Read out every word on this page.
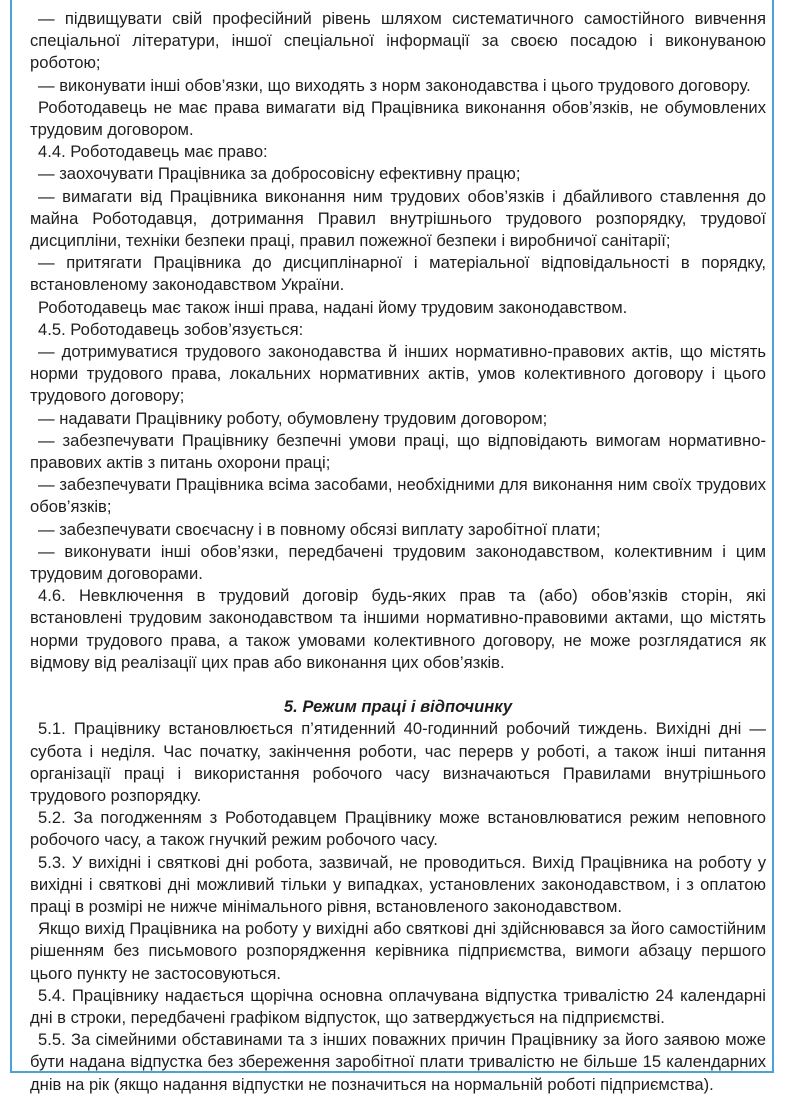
— підвищувати свій професійний рівень шляхом систематичного самостійного вивчення спеціальної літератури, іншої спеціальної інформації за своєю посадою і виконуваною роботою;

— виконувати інші обов’язки, що виходять з норм законодавства і цього трудового договору.

Роботодавець не має права вимагати від Працівника виконання обов’язків, не обумовлених трудовим договором.

4.4. Роботодавець має право:

— заохочувати Працівника за добросовісну ефективну працю;

— вимагати від Працівника виконання ним трудових обов’язків і дбайливого ставлення до майна Роботодавця, дотримання Правил внутрішнього трудового розпорядку, трудової дисципліни, техніки безпеки праці, правил пожежної безпеки і виробничої санітарії;

— притягати Працівника до дисциплінарної і матеріальної відповідальності в порядку, встановленому законодавством України.

Роботодавець має також інші права, надані йому трудовим законодавством.

4.5. Роботодавець зобов’язується:

— дотримуватися трудового законодавства й інших нормативно-правових актів, що містять норми трудового права, локальних нормативних актів, умов колективного договору і цього трудового договору;

— надавати Працівнику роботу, обумовлену трудовим договором;

— забезпечувати Працівнику безпечні умови праці, що відповідають вимогам нормативно-правових актів з питань охорони праці;

— забезпечувати Працівника всіма засобами, необхідними для виконання ним своїх трудових обов’язків;

— забезпечувати своєчасну і в повному обсязі виплату заробітної плати;

— виконувати інші обов’язки, передбачені трудовим законодавством, колективним і цим трудовим договорами.

4.6. Невключення в трудовий договір будь-яких прав та (або) обов’язків сторін, які встановлені трудовим законодавством та іншими нормативно-правовими актами, що містять норми трудового права, а також умовами колективного договору, не може розглядатися як відмову від реалізації цих прав або виконання цих обов’язків.

5. Режим праці і відпочинку

5.1. Працівнику встановлюється п’ятиденний 40-годинний робочий тиждень. Вихідні дні — субота і неділя. Час початку, закінчення роботи, час перерв у роботі, а також інші питання організації праці і використання робочого часу визначаються Правилами внутрішнього трудового розпорядку.

5.2. За погодженням з Роботодавцем Працівнику може встановлюватися режим неповного робочого часу, а також гнучкий режим робочого часу.

5.3. У вихідні і святкові дні робота, зазвичай, не проводиться. Вихід Працівника на роботу у вихідні і святкові дні можливий тільки у випадках, установлених законодавством, і з оплатою праці в розмірі не нижче мінімального рівня, встановленого законодавством.

Якщо вихід Працівника на роботу у вихідні або святкові дні здійснювався за його самостійним рішенням без письмового розпорядження керівника підприємства, вимоги абзацу першого цього пункту не застосовуються.

5.4. Працівнику надається щорічна основна оплачувана відпустка тривалістю 24 календарні дні в строки, передбачені графіком відпусток, що затверджується на підприємстві.

5.5. За сімейними обставинами та з інших поважних причин Працівнику за його заявою може бути надана відпустка без збереження заробітної плати тривалістю не більше 15 календарних днів на рік (якщо надання відпустки не позначиться на нормальній роботі підприємства).
